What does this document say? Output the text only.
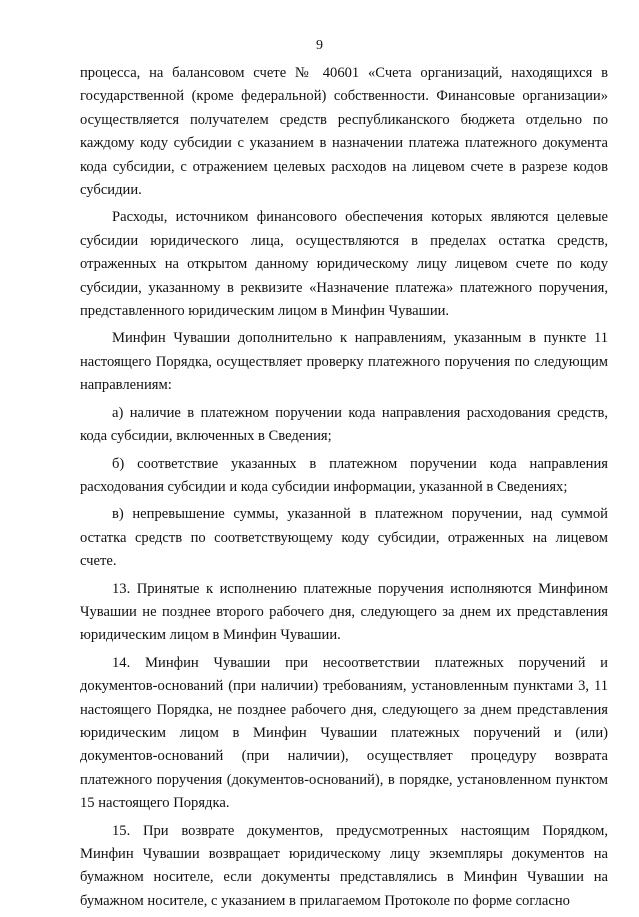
9

процесса, на балансовом счете № 40601 «Счета организаций, находящихся в государственной (кроме федеральной) собственности. Финансовые организации» осуществляется получателем средств республиканского бюджета отдельно по каждому коду субсидии с указанием в назначении платежа платежного документа кода субсидии, с отражением целевых расходов на лицевом счете в разрезе кодов субсидии.

Расходы, источником финансового обеспечения которых являются целевые субсидии юридического лица, осуществляются в пределах остатка средств, отраженных на открытом данному юридическому лицу лицевом счете по коду субсидии, указанному в реквизите «Назначение платежа» платежного поручения, представленного юридическим лицом в Минфин Чувашии.

Минфин Чувашии дополнительно к направлениям, указанным в пункте 11 настоящего Порядка, осуществляет проверку платежного поручения по следующим направлениям:

а) наличие в платежном поручении кода направления расходования средств, кода субсидии, включенных в Сведения;

б) соответствие указанных в платежном поручении кода направления расходования субсидии и кода субсидии информации, указанной в Сведениях;

в) непревышение суммы, указанной в платежном поручении, над суммой остатка средств по соответствующему коду субсидии, отраженных на лицевом счете.

13. Принятые к исполнению платежные поручения исполняются Минфином Чувашии не позднее второго рабочего дня, следующего за днем их представления юридическим лицом в Минфин Чувашии.

14. Минфин Чувашии при несоответствии платежных поручений и документов-оснований (при наличии) требованиям, установленным пунктами 3, 11 настоящего Порядка, не позднее рабочего дня, следующего за днем представления юридическим лицом в Минфин Чувашии платежных поручений и (или) документов-оснований (при наличии), осуществляет процедуру возврата платежного поручения (документов-оснований), в порядке, установленном пунктом 15 настоящего Порядка.

15. При возврате документов, предусмотренных настоящим Порядком, Минфин Чувашии возвращает юридическому лицу экземпляры документов на бумажном носителе, если документы представлялись в Минфин Чувашии на бумажном носителе, с указанием в прилагаемом Протоколе по форме согласно
